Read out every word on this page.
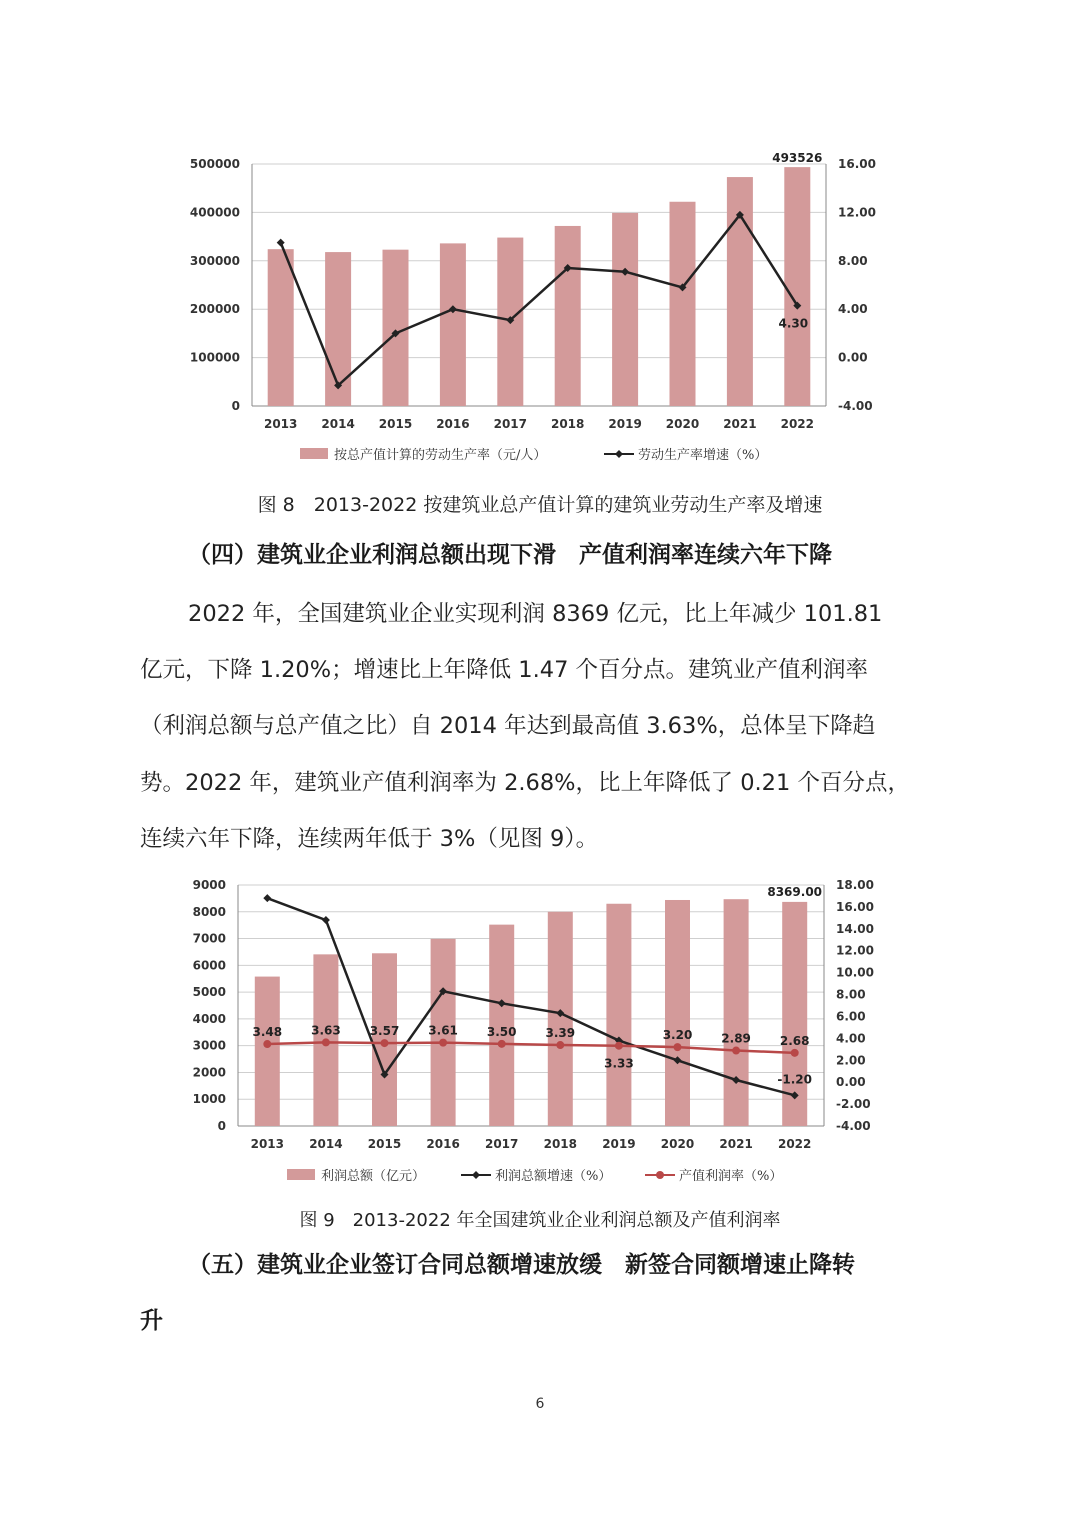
0
100000
200000
300000
400000
500000
-4.00
0.00
4.00
8.00
12.00
16.00
2013 2014 2015 2016 2017 2018 2019 2020 2021 2022
按总产值计算的劳动生产率（元/人）	劳动生产率增速（%）
493526
4.30
图 8　2013-2022 按建筑业总产值计算的建筑业劳动生产率及增速
（四）建筑业企业利润总额出现下滑　产值利润率连续六年下降
2022 年，全国建筑业企业实现利润 8369 亿元，比上年减少 101.81
亿元，下降 1.20%；增速比上年降低 1.47 个百分点。建筑业产值利润率
（利润总额与总产值之比）自 2014 年达到最高值 3.63%，总体呈下降趋
势。2022 年，建筑业产值利润率为 2.68%，比上年降低了 0.21 个百分点，
连续六年下降，连续两年低于 3%（见图 9）。
0
1000
2000
3000
4000
5000
6000
7000
8000
9000
-4.00
-2.00
0.00
2.00
4.00
6.00
8.00
10.00
12.00
14.00
16.00
18.00
2013 2014 2015 2016 2017 2018 2019 2020 2021 2022
利润总额（亿元）	利润总额增速（%）	产值利润率（%）
3.48 3.63 3.57 3.61 3.50 3.39
3.33
3.20 2.89 2.68
8369.00
-1.20
图 9　2013-2022 年全国建筑业企业利润总额及产值利润率
（五）建筑业企业签订合同总额增速放缓　新签合同额增速止降转
升
6
